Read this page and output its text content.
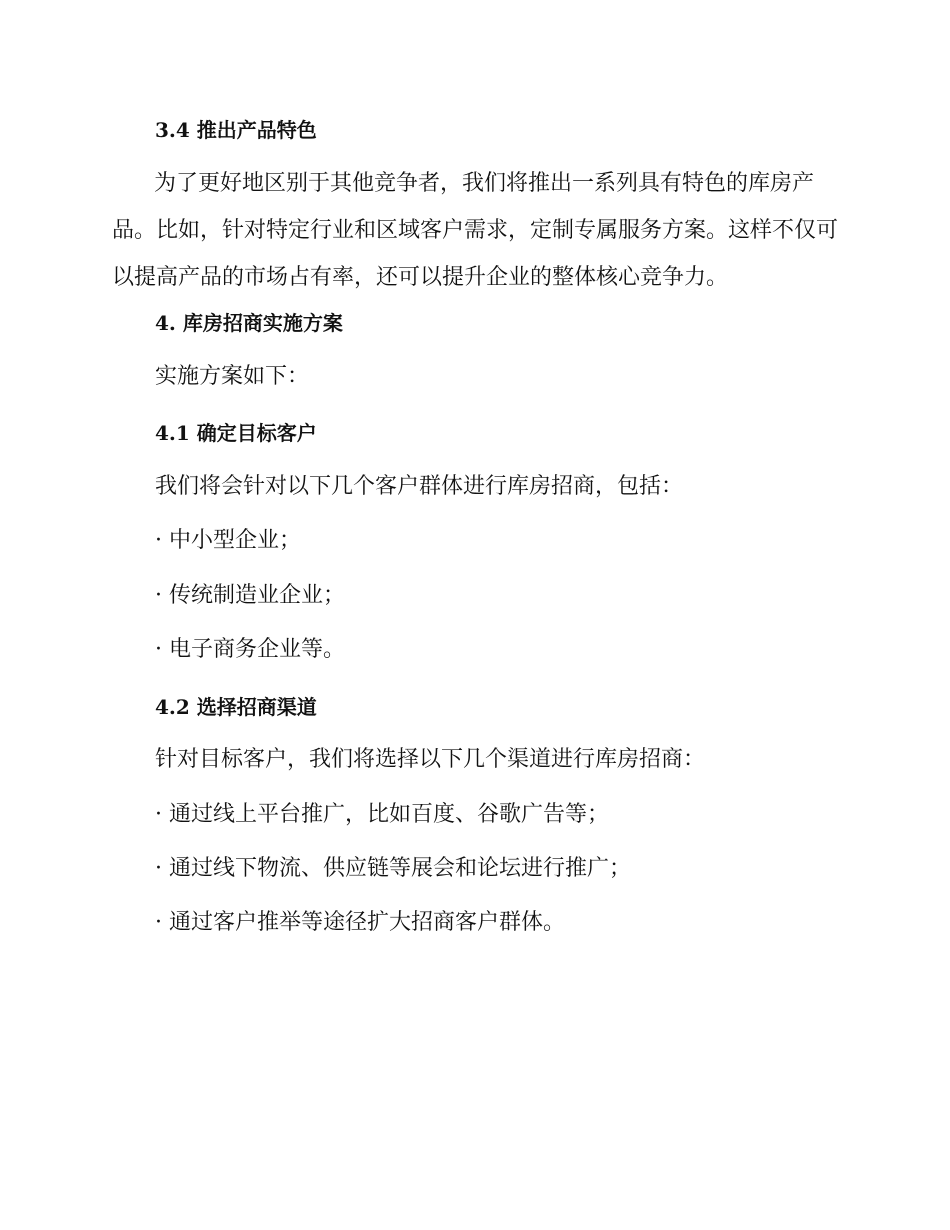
3.4 推出产品特色
为了更好地区别于其他竞争者，我们将推出一系列具有特色的库房产
品。比如，针对特定行业和区域客户需求，定制专属服务方案。这样不仅可
以提高产品的市场占有率，还可以提升企业的整体核心竞争力。
4. 库房招商实施方案

实施方案如下：

4.1 确定目标客户

我们将会针对以下几个客户群体进行库房招商，包括：

· 中小型企业；

· 传统制造业企业；

· 电子商务企业等。

4.2 选择招商渠道

针对目标客户，我们将选择以下几个渠道进行库房招商：

· 通过线上平台推广，比如百度、谷歌广告等；

· 通过线下物流、供应链等展会和论坛进行推广；

· 通过客户推举等途径扩大招商客户群体。
